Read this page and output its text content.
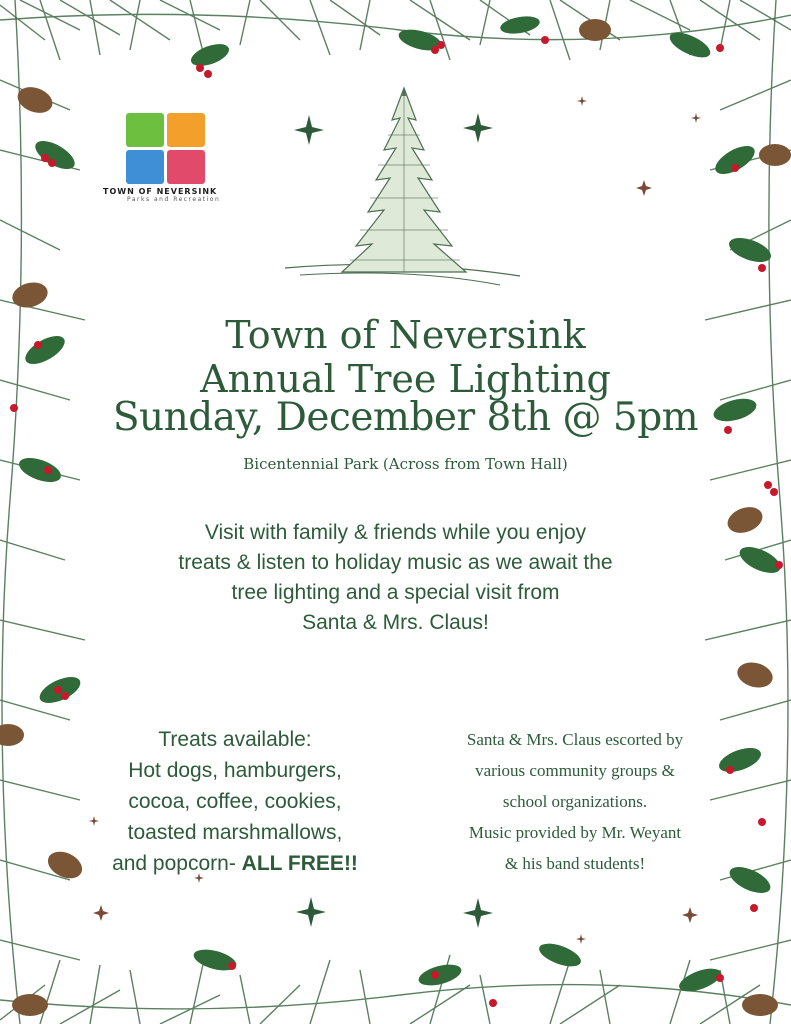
TOWN OF NEVERSINK
Parks and Recreation
Town of Neversink
Annual Tree Lighting
Sunday, December 8th @ 5pm
Bicentennial Park (Across from Town Hall)
Visit with family & friends while you enjoy
treats & listen to holiday music as we await the
tree lighting and a special visit from
Santa & Mrs. Claus!
Treats available:
Hot dogs, hamburgers,
cocoa, coffee, cookies,
toasted marshmallows,
and popcorn- ALL FREE!!
Santa & Mrs. Claus escorted by
various community groups &
school organizations.
Music provided by Mr. Weyant
& his band students!
